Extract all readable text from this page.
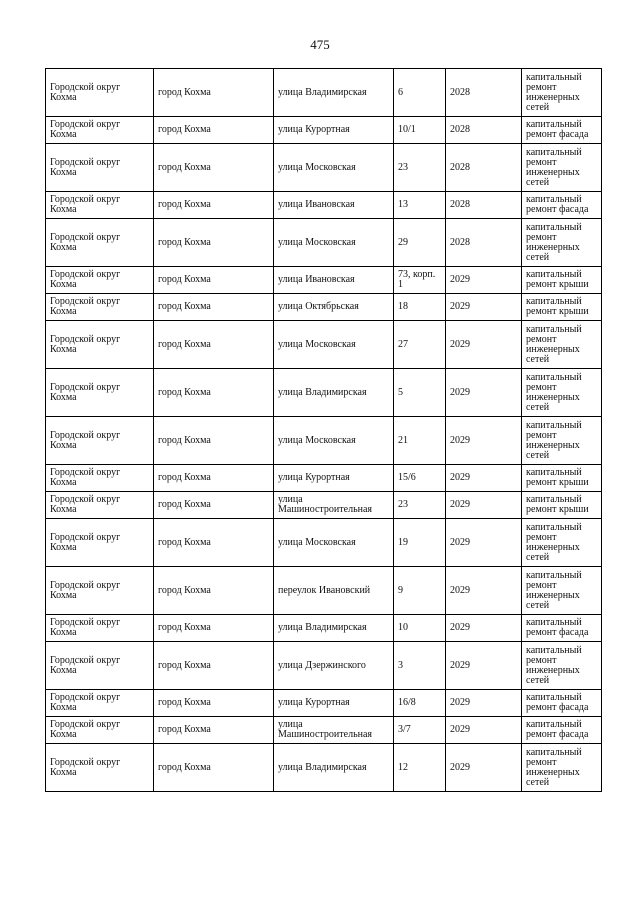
475
Городской округ Кохма	город Кохма	улица Владимирская	6	2028	капитальный ремонт инженерных сетей
Городской округ Кохма	город Кохма	улица Курортная	10/1	2028	капитальный ремонт фасада
Городской округ Кохма	город Кохма	улица Московская	23	2028	капитальный ремонт инженерных сетей
Городской округ Кохма	город Кохма	улица Ивановская	13	2028	капитальный ремонт фасада
Городской округ Кохма	город Кохма	улица Московская	29	2028	капитальный ремонт инженерных сетей
Городской округ Кохма	город Кохма	улица Ивановская	73, корп. 1	2029	капитальный ремонт крыши
Городской округ Кохма	город Кохма	улица Октябрьская	18	2029	капитальный ремонт крыши
Городской округ Кохма	город Кохма	улица Московская	27	2029	капитальный ремонт инженерных сетей
Городской округ Кохма	город Кохма	улица Владимирская	5	2029	капитальный ремонт инженерных сетей
Городской округ Кохма	город Кохма	улица Московская	21	2029	капитальный ремонт инженерных сетей
Городской округ Кохма	город Кохма	улица Курортная	15/6	2029	капитальный ремонт крыши
Городской округ Кохма	город Кохма	улица Машиностроительная	23	2029	капитальный ремонт крыши
Городской округ Кохма	город Кохма	улица Московская	19	2029	капитальный ремонт инженерных сетей
Городской округ Кохма	город Кохма	переулок Ивановский	9	2029	капитальный ремонт инженерных сетей
Городской округ Кохма	город Кохма	улица Владимирская	10	2029	капитальный ремонт фасада
Городской округ Кохма	город Кохма	улица Дзержинского	3	2029	капитальный ремонт инженерных сетей
Городской округ Кохма	город Кохма	улица Курортная	16/8	2029	капитальный ремонт фасада
Городской округ Кохма	город Кохма	улица Машиностроительная	3/7	2029	капитальный ремонт фасада
Городской округ Кохма	город Кохма	улица Владимирская	12	2029	капитальный ремонт инженерных сетей
